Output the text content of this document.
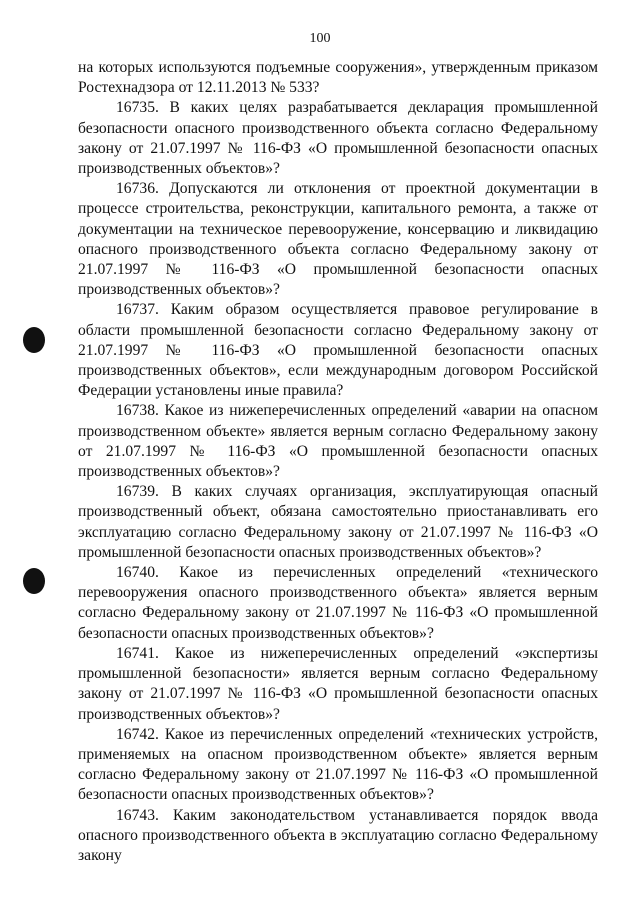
100

на которых используются подъемные сооружения», утвержденным приказом Ростехнадзора от 12.11.2013 № 533?

16735. В каких целях разрабатывается декларация промышленной безопасности опасного производственного объекта согласно Федеральному закону от 21.07.1997 № 116-ФЗ «О промышленной безопасности опасных производственных объектов»?

16736. Допускаются ли отклонения от проектной документации в процессе строительства, реконструкции, капитального ремонта, а также от документации на техническое перевооружение, консервацию и ликвидацию опасного производственного объекта согласно Федеральному закону от 21.07.1997 № 116-ФЗ «О промышленной безопасности опасных производственных объектов»?

16737. Каким образом осуществляется правовое регулирование в области промышленной безопасности согласно Федеральному закону от 21.07.1997 № 116-ФЗ «О промышленной безопасности опасных производственных объектов», если международным договором Российской Федерации установлены иные правила?

16738. Какое из нижеперечисленных определений «аварии на опасном производственном объекте» является верным согласно Федеральному закону от 21.07.1997 № 116-ФЗ «О промышленной безопасности опасных производственных объектов»?

16739. В каких случаях организация, эксплуатирующая опасный производственный объект, обязана самостоятельно приостанавливать его эксплуатацию согласно Федеральному закону от 21.07.1997 № 116-ФЗ «О промышленной безопасности опасных производственных объектов»?

16740. Какое из перечисленных определений «технического перевооружения опасного производственного объекта» является верным согласно Федеральному закону от 21.07.1997 № 116-ФЗ «О промышленной безопасности опасных производственных объектов»?

16741. Какое из нижеперечисленных определений «экспертизы промышленной безопасности» является верным согласно Федеральному закону от 21.07.1997 № 116-ФЗ «О промышленной безопасности опасных производственных объектов»?

16742. Какое из перечисленных определений «технических устройств, применяемых на опасном производственном объекте» является верным согласно Федеральному закону от 21.07.1997 № 116-ФЗ «О промышленной безопасности опасных производственных объектов»?

16743. Каким законодательством устанавливается порядок ввода опасного производственного объекта в эксплуатацию согласно Федеральному закону
